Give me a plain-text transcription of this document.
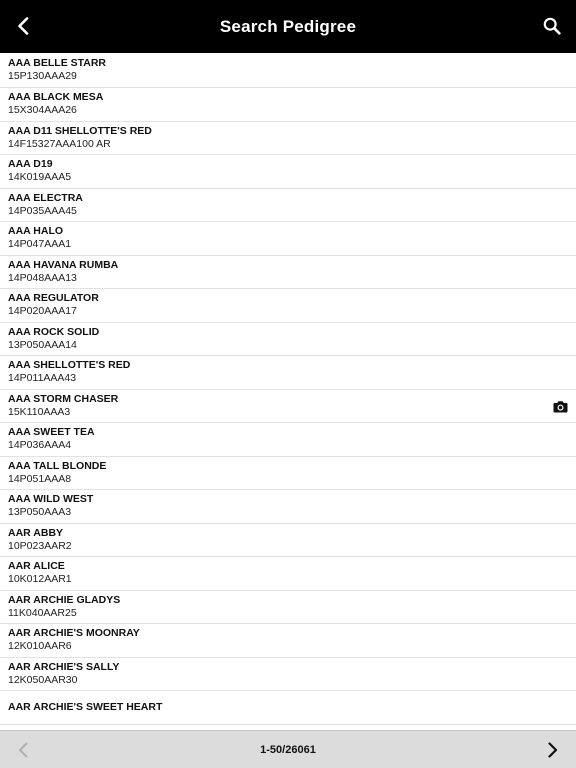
Search Pedigree
AAA BELLE STARR
15P130AAA29
AAA BLACK MESA
15X304AAA26
AAA D11 SHELLOTTE'S RED
14F15327AAA100 AR
AAA D19
14K019AAA5
AAA ELECTRA
14P035AAA45
AAA HALO
14P047AAA1
AAA HAVANA RUMBA
14P048AAA13
AAA REGULATOR
14P020AAA17
AAA ROCK SOLID
13P050AAA14
AAA SHELLOTTE'S RED
14P011AAA43
AAA STORM CHASER
15K110AAA3
AAA SWEET TEA
14P036AAA4
AAA TALL BLONDE
14P051AAA8
AAA WILD WEST
13P050AAA3
AAR ABBY
10P023AAR2
AAR ALICE
10K012AAR1
AAR ARCHIE GLADYS
11K040AAR25
AAR ARCHIE'S MOONRAY
12K010AAR6
AAR ARCHIE'S SALLY
12K050AAR30
AAR ARCHIE'S SWEET HEART
1-50/26061
